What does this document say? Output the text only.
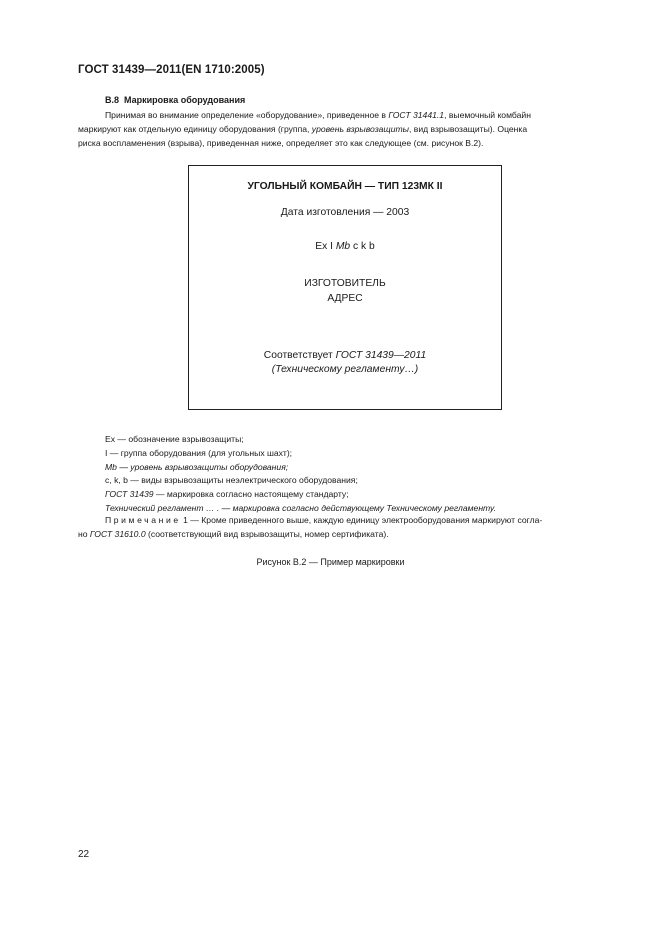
ГОСТ 31439—2011(EN 1710:2005)
В.8 Маркировка оборудования
Принимая во внимание определение «оборудование», приведенное в ГОСТ 31441.1, выемочный комбайн
маркируют как отдельную единицу оборудования (группа, уровень взрывозащиты, вид взрывозащиты). Оценка
риска воспламенения (взрыва), приведенная ниже, определяет это как следующее (см. рисунок В.2).
УГОЛЬНЫЙ КОМБАЙН — ТИП 123МК II
Дата изготовления — 2003
Ex I Mb c k b
ИЗГОТОВИТЕЛЬ
АДРЕС
Соответствует ГОСТ 31439—2011
(Техническому регламенту…)
Ex — обозначение взрывозащиты;
I — группа оборудования (для угольных шахт);
Mb — уровень взрывозащиты оборудования;
c, k, b — виды взрывозащиты неэлектрического оборудования;
ГОСТ 31439 — маркировка согласно настоящему стандарту;
Технический регламент … . — маркировка согласно действующему Техническому регламенту.
Примечание 1 — Кроме приведенного выше, каждую единицу электрооборудования маркируют согла-
но ГОСТ 31610.0 (соответствующий вид взрывозащиты, номер сертификата).
Рисунок В.2 — Пример маркировки
22
